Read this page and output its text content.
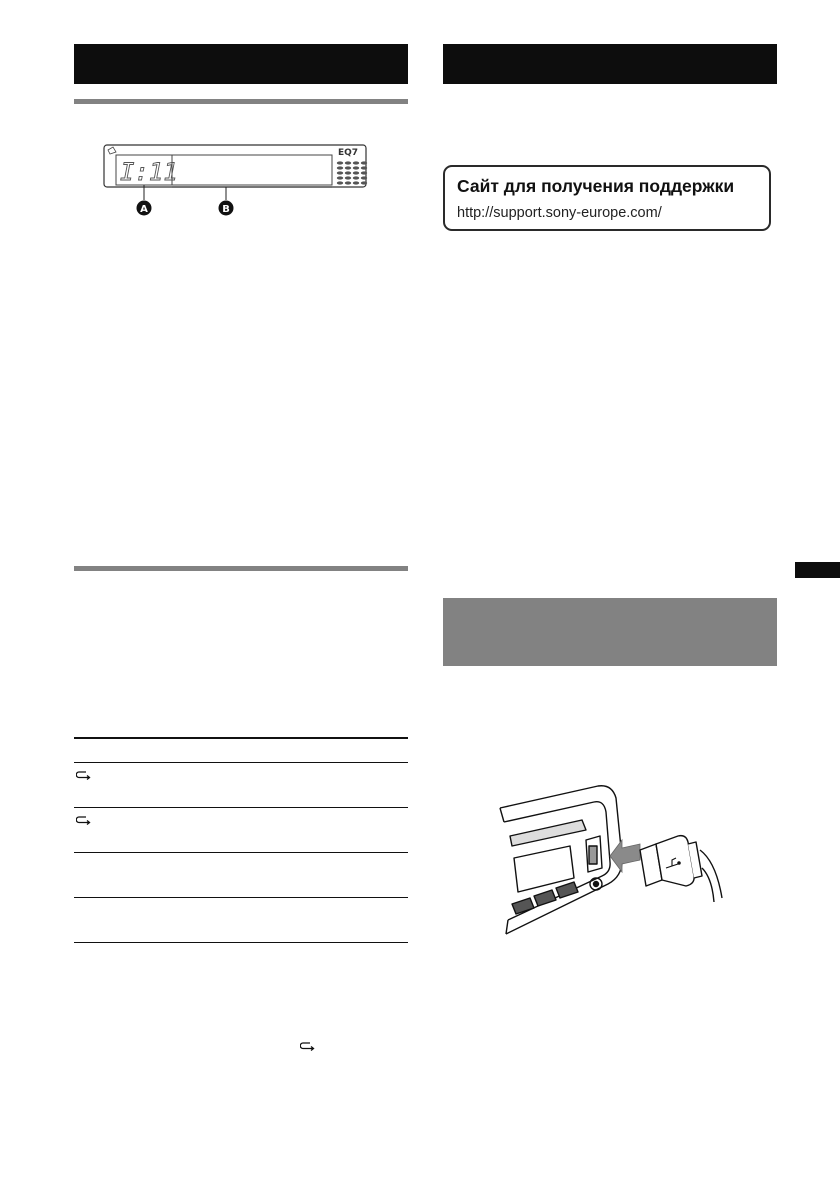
I:11
EQ7
A	B
Сайт для получения поддержки
http://support.sony-europe.com/
